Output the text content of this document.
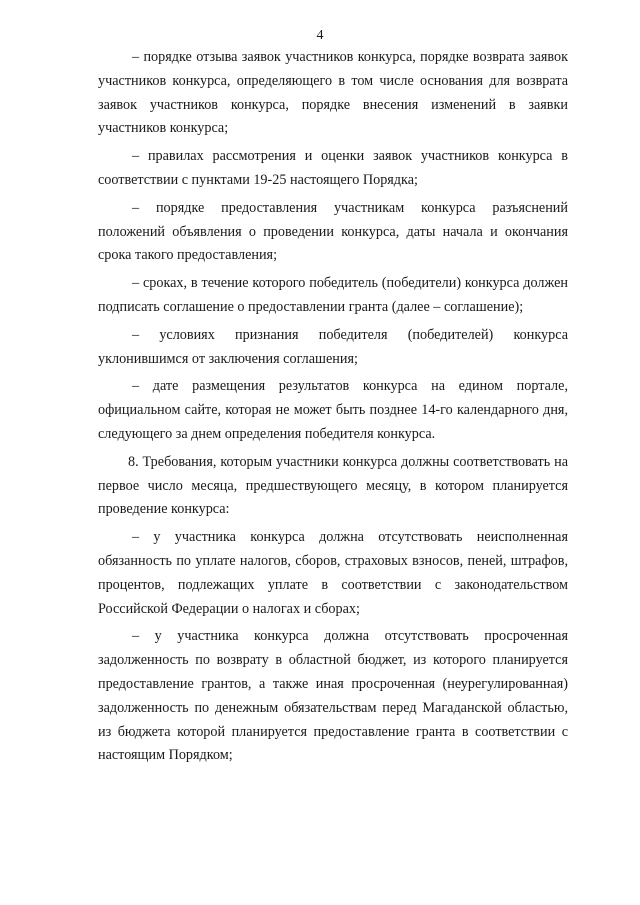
4

– порядке отзыва заявок участников конкурса, порядке возврата заявок участников конкурса, определяющего в том числе основания для возврата заявок участников конкурса, порядке внесения изменений в заявки участников конкурса;

– правилах рассмотрения и оценки заявок участников конкурса в соответствии с пунктами 19-25 настоящего Порядка;

– порядке предоставления участникам конкурса разъяснений положений объявления о проведении конкурса, даты начала и окончания срока такого предоставления;

– сроках, в течение которого победитель (победители) конкурса должен подписать соглашение о предоставлении гранта (далее – соглашение);

– условиях признания победителя (победителей) конкурса уклонившимся от заключения соглашения;

– дате размещения результатов конкурса на едином портале, официальном сайте, которая не может быть позднее 14-го календарного дня, следующего за днем определения победителя конкурса.

8. Требования, которым участники конкурса должны соответствовать на первое число месяца, предшествующего месяцу, в котором планируется проведение конкурса:

– у участника конкурса должна отсутствовать неисполненная обязанность по уплате налогов, сборов, страховых взносов, пеней, штрафов, процентов, подлежащих уплате в соответствии с законодательством Российской Федерации о налогах и сборах;

– у участника конкурса должна отсутствовать просроченная задолженность по возврату в областной бюджет, из которого планируется предоставление грантов, а также иная просроченная (неурегулированная) задолженность по денежным обязательствам перед Магаданской областью, из бюджета которой планируется предоставление гранта в соответствии с настоящим Порядком;
